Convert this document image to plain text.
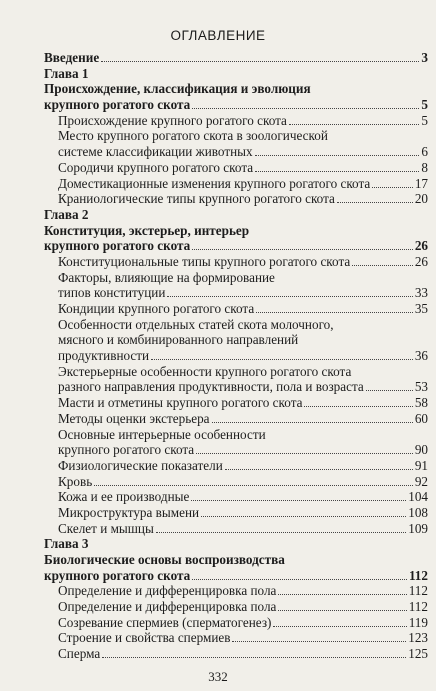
ОГЛАВЛЕНИЕ
Введение	3
Глава 1
Происхождение, классификация и эволюция
крупного рогатого скота	5
Происхождение крупного рогатого скота	5
Место крупного рогатого скота в зоологической
системе классификации животных	6
Сородичи крупного рогатого скота	8
Доместикационные изменения крупного рогатого скота	17
Краниологические типы крупного рогатого скота	20
Глава 2
Конституция, экстерьер, интерьер
крупного рогатого скота	26
Конституциональные типы крупного рогатого скота	26
Факторы, влияющие на формирование
типов конституции	33
Кондиции крупного рогатого скота	35
Особенности отдельных статей скота молочного,
мясного и комбинированного направлений
продуктивности	36
Экстерьерные особенности крупного рогатого скота
разного направления продуктивности, пола и возраста	53
Масти и отметины крупного рогатого скота	58
Методы оценки экстерьера	60
Основные интерьерные особенности
крупного рогатого скота	90
Физиологические показатели	91
Кровь	92
Кожа и ее производные	104
Микроструктура вымени	108
Скелет и мышцы	109
Глава 3
Биологические основы воспроизводства
крупного рогатого скота	112
Определение и дифференцировка пола	112
Определение и дифференцировка пола	112
Созревание спермиев (сперматогенез)	119
Строение и свойства спермиев	123
Сперма	125
332
